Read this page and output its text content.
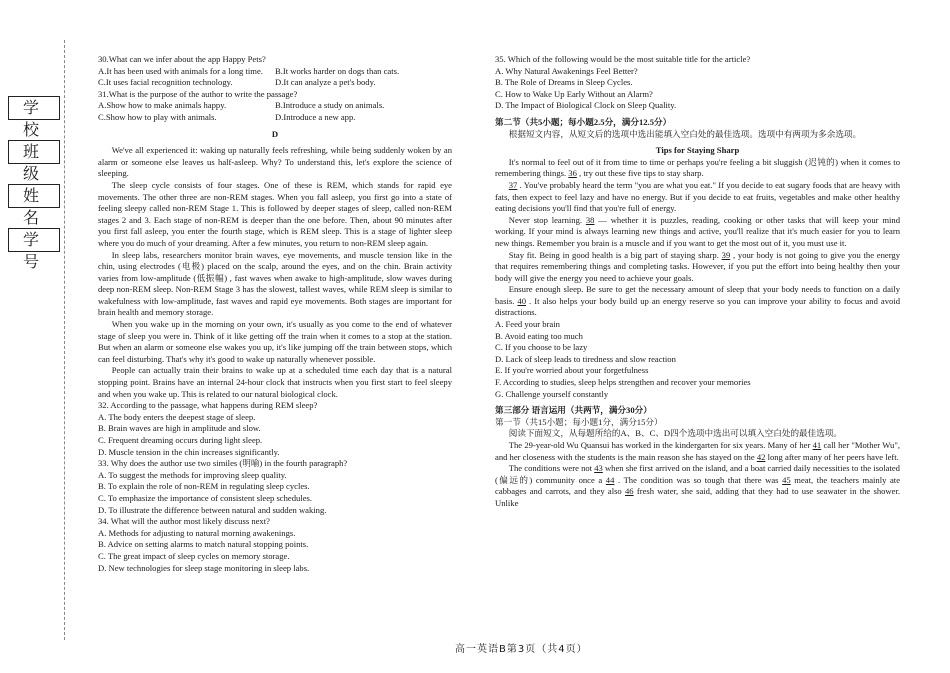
学 校
班 级
姓 名
学 号
30.What can we infer about the app Happy Pets?
A.It has been used with animals for a long time.	B.It works harder on dogs than cats.
C.It uses facial recognition technology.	D.It can analyze a pet's body.
31.What is the purpose of the author to write the passage?
A.Show how to make animals happy.	B.Introduce a study on animals.
C.Show how to play with animals.	D.Introduce a new app.
D
We've all experienced it: waking up naturally feels refreshing, while being suddenly woken by an alarm or someone else leaves us half-asleep. Why? To understand this, let's explore the science of sleeping.
The sleep cycle consists of four stages. One of these is REM, which stands for rapid eye movements. The other three are non-REM stages. When you fall asleep, you first go into a state of feeling sleepy called non-REM Stage 1. This is followed by deeper stages of sleep, called non-REM stages 2 and 3. Each stage of non-REM is deeper than the one before. Then, about 90 minutes after you first fall asleep, you enter the fourth stage, which is REM sleep. This is a stage of lighter sleep where you do much of your dreaming. After a few minutes, you return to non-REM sleep again.
In sleep labs, researchers monitor brain waves, eye movements, and muscle tension like in the chin, using electrodes (电极) placed on the scalp, around the eyes, and on the chin. Brain activity varies from low-amplitude (低振幅) , fast waves when awake to high-amplitude, slow waves during deep non-REM sleep. Non-REM Stage 3 has the slowest, tallest waves, while REM sleep is similar to wakefulness with low-amplitude, fast waves and rapid eye movements. Both stages are important for brain health and memory storage.
When you wake up in the morning on your own, it's usually as you come to the end of whatever stage of sleep you were in. Think of it like getting off the train when it comes to a stop at the station. But when an alarm or someone else wakes you up, it's like jumping off the train between stops, which can feel disturbing. That's why it's good to wake up naturally whenever possible.
People can actually train their brains to wake up at a scheduled time each day that is a natural stopping point. Brains have an internal 24-hour clock that instructs when you first start to feel sleepy and when you wake up. This is related to our natural biological clock.
32. According to the passage, what happens during REM sleep?
A. The body enters the deepest stage of sleep.
B. Brain waves are high in amplitude and slow.
C. Frequent dreaming occurs during light sleep.
D. Muscle tension in the chin increases significantly.
33. Why does the author use two similes (明喻) in the fourth paragraph?
A. To suggest the methods for improving sleep quality.
B. To explain the role of non-REM in regulating sleep cycles.
C. To emphasize the importance of consistent sleep schedules.
D. To illustrate the difference between natural and sudden waking.
34. What will the author most likely discuss next?
A. Methods for adjusting to natural morning awakenings.
B. Advice on setting alarms to match natural stopping points.
C. The great impact of sleep cycles on memory storage.
D. New technologies for sleep stage monitoring in sleep labs.
35. Which of the following would be the most suitable title for the article?
A. Why Natural Awakenings Feel Better?
B. The Role of Dreams in Sleep Cycles.
C. How to Wake Up Early Without an Alarm?
D. The Impact of Biological Clock on Sleep Quality.
第二节（共5小题；每小题2.5分，满分12.5分）
根据短文内容，从短文后的选项中选出能填入空白处的最佳选项。选项中有两项为多余选项。
Tips for Staying Sharp
It's normal to feel out of it from time to time or perhaps you're feeling a bit sluggish (迟钝的) when it comes to remembering things. 36 , try out these five tips to stay sharp.
37 . You've probably heard the term "you are what you eat." If you decide to eat sugary foods that are heavy with fats, then expect to feel lazy and have no energy. But if you decide to eat fruits, vegetables and make other healthy eating decisions you'll find that you're full of energy.
Never stop learning. 38 — whether it is puzzles, reading, cooking or other tasks that will keep your mind working. If your mind is always learning new things and active, you'll realize that it's much easier for you to learn new things. Remember you brain is a muscle and if you want to get the most out of it, you must use it.
Stay fit. Being in good health is a big part of staying sharp. 39 , your body is not going to give you the energy that requires remembering things and completing tasks. However, if you put the effort into being healthy then your body will give the energy you need to achieve your goals.
Ensure enough sleep. Be sure to get the necessary amount of sleep that your body needs to function on a daily basis. 40 . It also helps your body build up an energy reserve so you can improve your ability to focus and avoid distractions.
A. Feed your brain
B. Avoid eating too much
C. If you choose to be lazy
D. Lack of sleep leads to tiredness and slow reaction
E. If you're worried about your forgetfulness
F. According to studies, sleep helps strengthen and recover your memories
G. Challenge yourself constantly
第三部分 语言运用（共两节，满分30分）
第一节（共15小题；每小题1分，满分15分）
阅读下面短文，从每题所给的A、B、C、D四个选项中选出可以填入空白处的最佳选项。
The 29-year-old Wu Quansui has worked in the kindergarten for six years. Many of her 41 call her "Mother Wu", and her closeness with the students is the main reason she has stayed on the 42 long after many of her peers have left.
The conditions were not 43 when she first arrived on the island, and a boat carried daily necessities to the isolated (偏远的) community once a 44 . The condition was so tough that there was 45 meat, the teachers mainly ate cabbages and carrots, and they also 46 fresh water, she said, adding that they had to use seawater in the shower. Unlike
高一英语B第3页（共4页）
